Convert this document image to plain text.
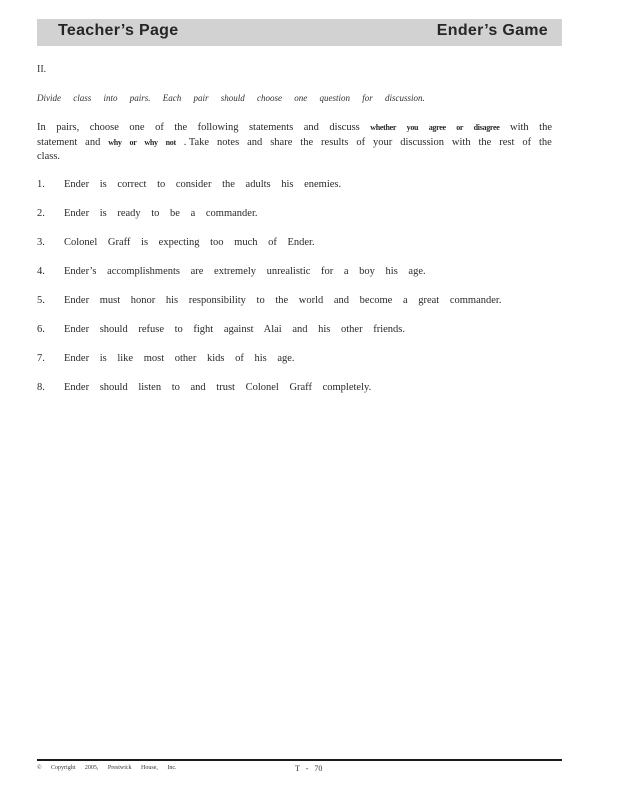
Teacher’s Page	Ender’s Game
II.
Divide class into pairs. Each pair should choose one question for discussion.
In pairs, choose one of the following statements and discuss whether you agree or disagree with the
statement and why or why not . Take notes and share the results of your discussion with the rest of the
class.
1.	Ender is correct to consider the adults his enemies.
2.	Ender is ready to be a commander.
3.	Colonel Graff is expecting too much of Ender.
4.	Ender’s accomplishments are extremely unrealistic for a boy his age.
5.	Ender must honor his responsibility to the world and become a great commander.
6.	Ender should refuse to fight against Alai and his other friends.
7.	Ender is like most other kids of his age.
8.	Ender should listen to and trust Colonel Graff completely.
© Copyright 2005, Prestwick House, Inc.	T - 70
